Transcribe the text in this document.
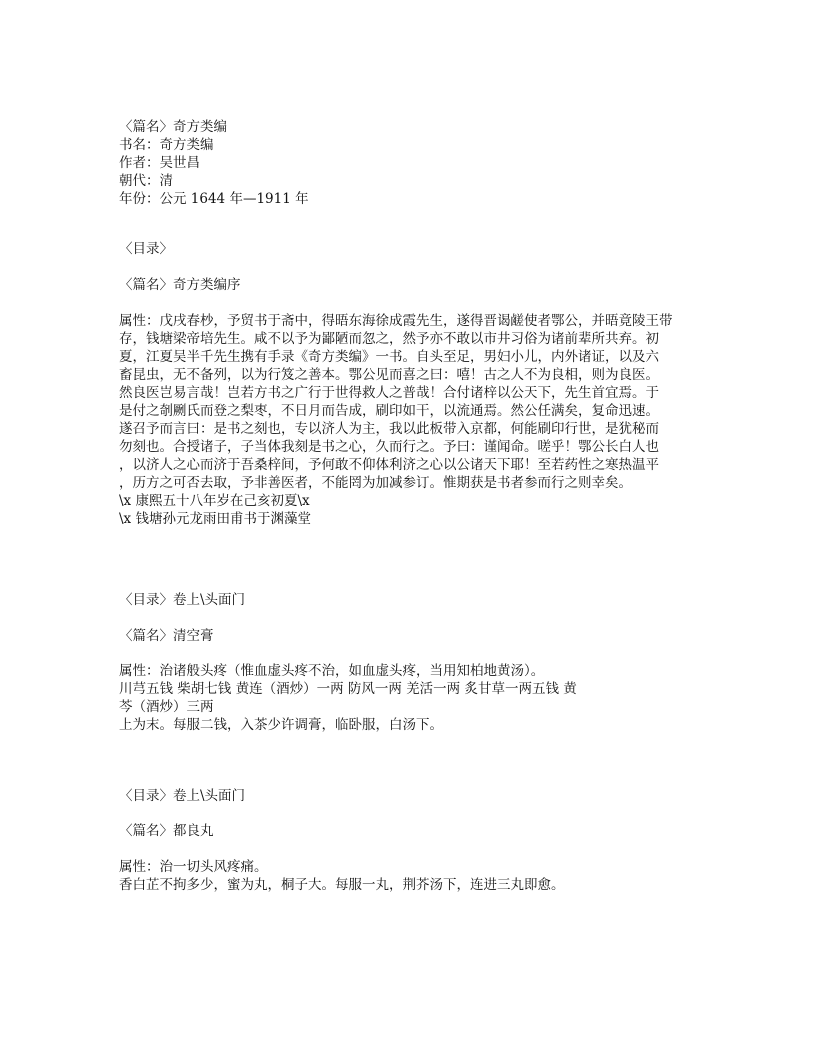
〈篇名〉奇方类编
书名：奇方类编
作者：吴世昌
朝代：清
年份：公元 1644 年—1911 年
〈目录〉
〈篇名〉奇方类编序
〈目录〉卷上\头面门
〈篇名〉清空膏
〈目录〉卷上\头面门
〈篇名〉都良丸
属性：戊戌春杪，予贸书于斋中，得晤东海徐成霞先生，遂得晋谒鹾使者鄂公，并晤竟陵王带
存，钱塘梁帝培先生。咸不以予为鄙陋而忽之，然予亦不敢以市井习俗为诸前辈所共弃。初
夏，江夏吴半千先生携有手录《奇方类编》一书。自头至足，男妇小儿，内外诸证，以及六
畜昆虫，无不备列，以为行笈之善本。鄂公见而喜之曰：嘻！古之人不为良相，则为良医。
然良医岂易言哉！岂若方书之广行于世得救人之普哉！合付诸梓以公天下，先生首宜焉。于
是付之剞劂氏而登之梨枣，不日月而告成，刷印如干，以流通焉。然公任满矣，复命迅速。
遂召予而言曰：是书之刻也，专以济人为主，我以此板带入京都，何能刷印行世，是犹秘而
勿刻也。合授诸子，子当体我刻是书之心，久而行之。予曰：谨闻命。嗟乎！鄂公长白人也
，以济人之心而济于吾桑梓间，予何敢不仰体利济之心以公诸天下耶！至若药性之寒热温平
，历方之可否去取，予非善医者，不能罔为加减参订。惟期获是书者参而行之则幸矣。
\x 康熙五十八年岁在己亥初夏\x
\x 钱塘孙元龙雨田甫书于渊藻堂
属性：治诸般头疼（惟血虚头疼不治，如血虚头疼，当用知柏地黄汤）。
川芎五钱 柴胡七钱 黄连（酒炒）一两 防风一两 羌活一两 炙甘草一两五钱 黄
芩（酒炒）三两
上为末。每服二钱，入茶少许调膏，临卧服，白汤下。
属性：治一切头风疼痛。
香白芷不拘多少，蜜为丸，桐子大。每服一丸，荆芥汤下，连进三丸即愈。
